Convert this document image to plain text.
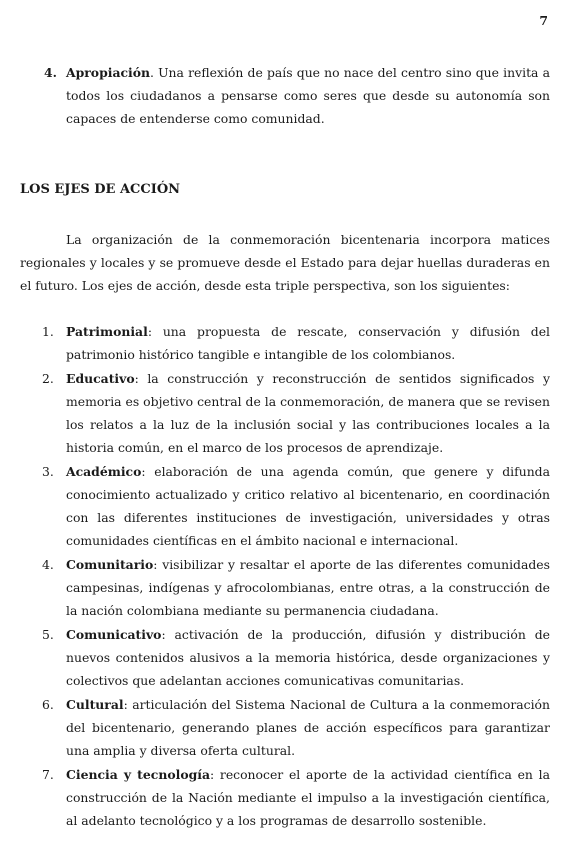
7
4. Apropiación. Una reflexión de país que no nace del centro sino que invita a todos los ciudadanos a pensarse como seres que desde su autonomía son capaces de entenderse como comunidad.
LOS EJES DE ACCIÓN

La organización de la conmemoración bicentenaria incorpora matices regionales y locales y se promueve desde el Estado para dejar huellas duraderas en el futuro. Los ejes de acción, desde esta triple perspectiva, son los siguientes:

1. Patrimonial: una propuesta de rescate, conservación y difusión del patrimonio histórico tangible e intangible de los colombianos.
2. Educativo: la construcción y reconstrucción de sentidos significados y memoria es objetivo central de la conmemoración, de manera que se revisen los relatos a la luz de la inclusión social y las contribuciones locales a la historia común, en el marco de los procesos de aprendizaje.
3. Académico: elaboración de una agenda común, que genere y difunda conocimiento actualizado y critico relativo al bicentenario, en coordinación con las diferentes instituciones de investigación, universidades y otras comunidades científicas en el ámbito nacional e internacional.
4. Comunitario: visibilizar y resaltar el aporte de las diferentes comunidades campesinas, indígenas y afrocolombianas, entre otras, a la construcción de la nación colombiana mediante su permanencia ciudadana.
5. Comunicativo: activación de la producción, difusión y distribución de nuevos contenidos alusivos a la memoria histórica, desde organizaciones y colectivos que adelantan acciones comunicativas comunitarias.
6. Cultural: articulación del Sistema Nacional de Cultura a la conmemoración del bicentenario, generando planes de acción específicos para garantizar una amplia y diversa oferta cultural.
7. Ciencia y tecnología: reconocer el aporte de la actividad científica en la construcción de la Nación mediante el impulso a la investigación científica, al adelanto tecnológico y a los programas de desarrollo sostenible.
